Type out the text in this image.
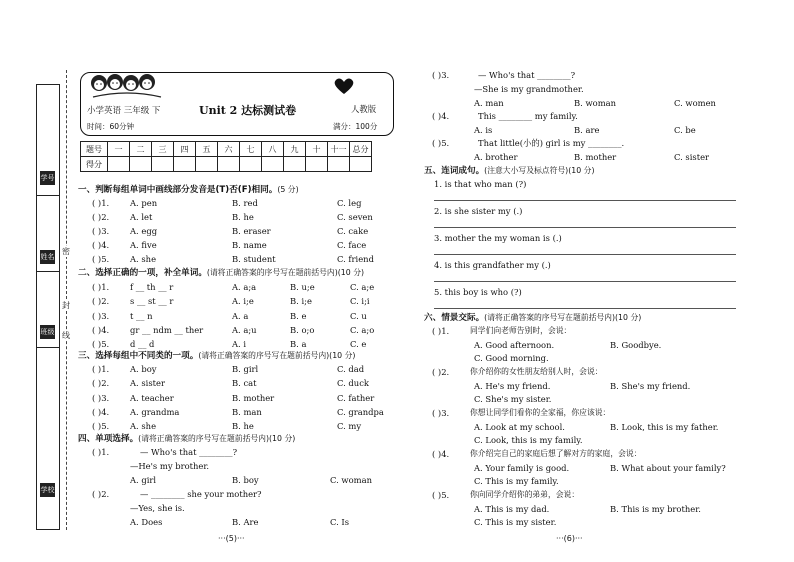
学号
姓名
班级
学校
密
封
线
小学英语 三年级 下	Unit 2 达标测试卷	人教版
时间：60分钟	满分：100分
题号	一	二	三	四	五	六	七	八	九	十	十一	总分
得分												
一、判断每组单词中画线部分发音是(T)否(F)相同。(5 分)
( )1. A. pen	B. red	C. leg
( )2. A. let	B. he	C. seven
( )3. A. egg	B. eraser	C. cake
( )4. A. five	B. name	C. face
( )5. A. she	B. student	C. friend
二、选择正确的一项，补全单词。(请将正确答案的序号写在题前括号内)(10 分)
( )1. f __ th __ r	A. a;a	B. u;e	C. a;e
( )2. s __ st __ r	A. i;e	B. i;e	C. i;i
( )3. t __ n	A. a	B. e	C. u
( )4. gr __ ndm __ ther	A. a;u	B. o;o	C. a;o
( )5. d __ d	A. i	B. a	C. e
三、选择每组中不同类的一项。(请将正确答案的序号写在题前括号内)(10 分)
( )1. A. boy	B. girl	C. dad
( )2. A. sister	B. cat	C. duck
( )3. A. teacher	B. mother	C. father
( )4. A. grandma	B. man	C. grandpa
( )5. A. she	B. he	C. my
四、单项选择。(请将正确答案的序号写在题前括号内)(10 分)
( )1.	— Who's that ________?
—He's my brother.
A. girl	B. boy	C. woman
( )2.	— ________ she your mother?
—Yes, she is.
A. Does	B. Are	C. Is
( )3.	— Who's that ________?
—She is my grandmother.
A. man	B. woman	C. women
( )4.	This ________ my family.
A. is	B. are	C. be
( )5.	That little(小的) girl is my ________.
A. brother	B. mother	C. sister
五、连词成句。(注意大小写及标点符号)(10 分)
1. is that who man (?)
2. is she sister my (.)
3. mother the my woman is (.)
4. is this grandfather my (.)
5. this boy is who (?)
六、情景交际。(请将正确答案的序号写在题前括号内)(10 分)
( )1.	同学们向老师告别时，会说：
A. Good afternoon.	B. Goodbye.
C. Good morning.
( )2.	你介绍你的女性朋友给别人时，会说：
A. He's my friend.	B. She's my friend.
C. She's my sister.
( )3.	你想让同学们看你的全家福，你应该说：
A. Look at my school.	B. Look, this is my father.
C. Look, this is my family.
( )4.	你介绍完自己的家庭后想了解对方的家庭，会说：
A. Your family is good.	B. What about your family?
C. This is my family.
( )5.	你向同学介绍你的弟弟，会说：
A. This is my dad.	B. This is my brother.
C. This is my sister.
···(5)···	···(6)···
